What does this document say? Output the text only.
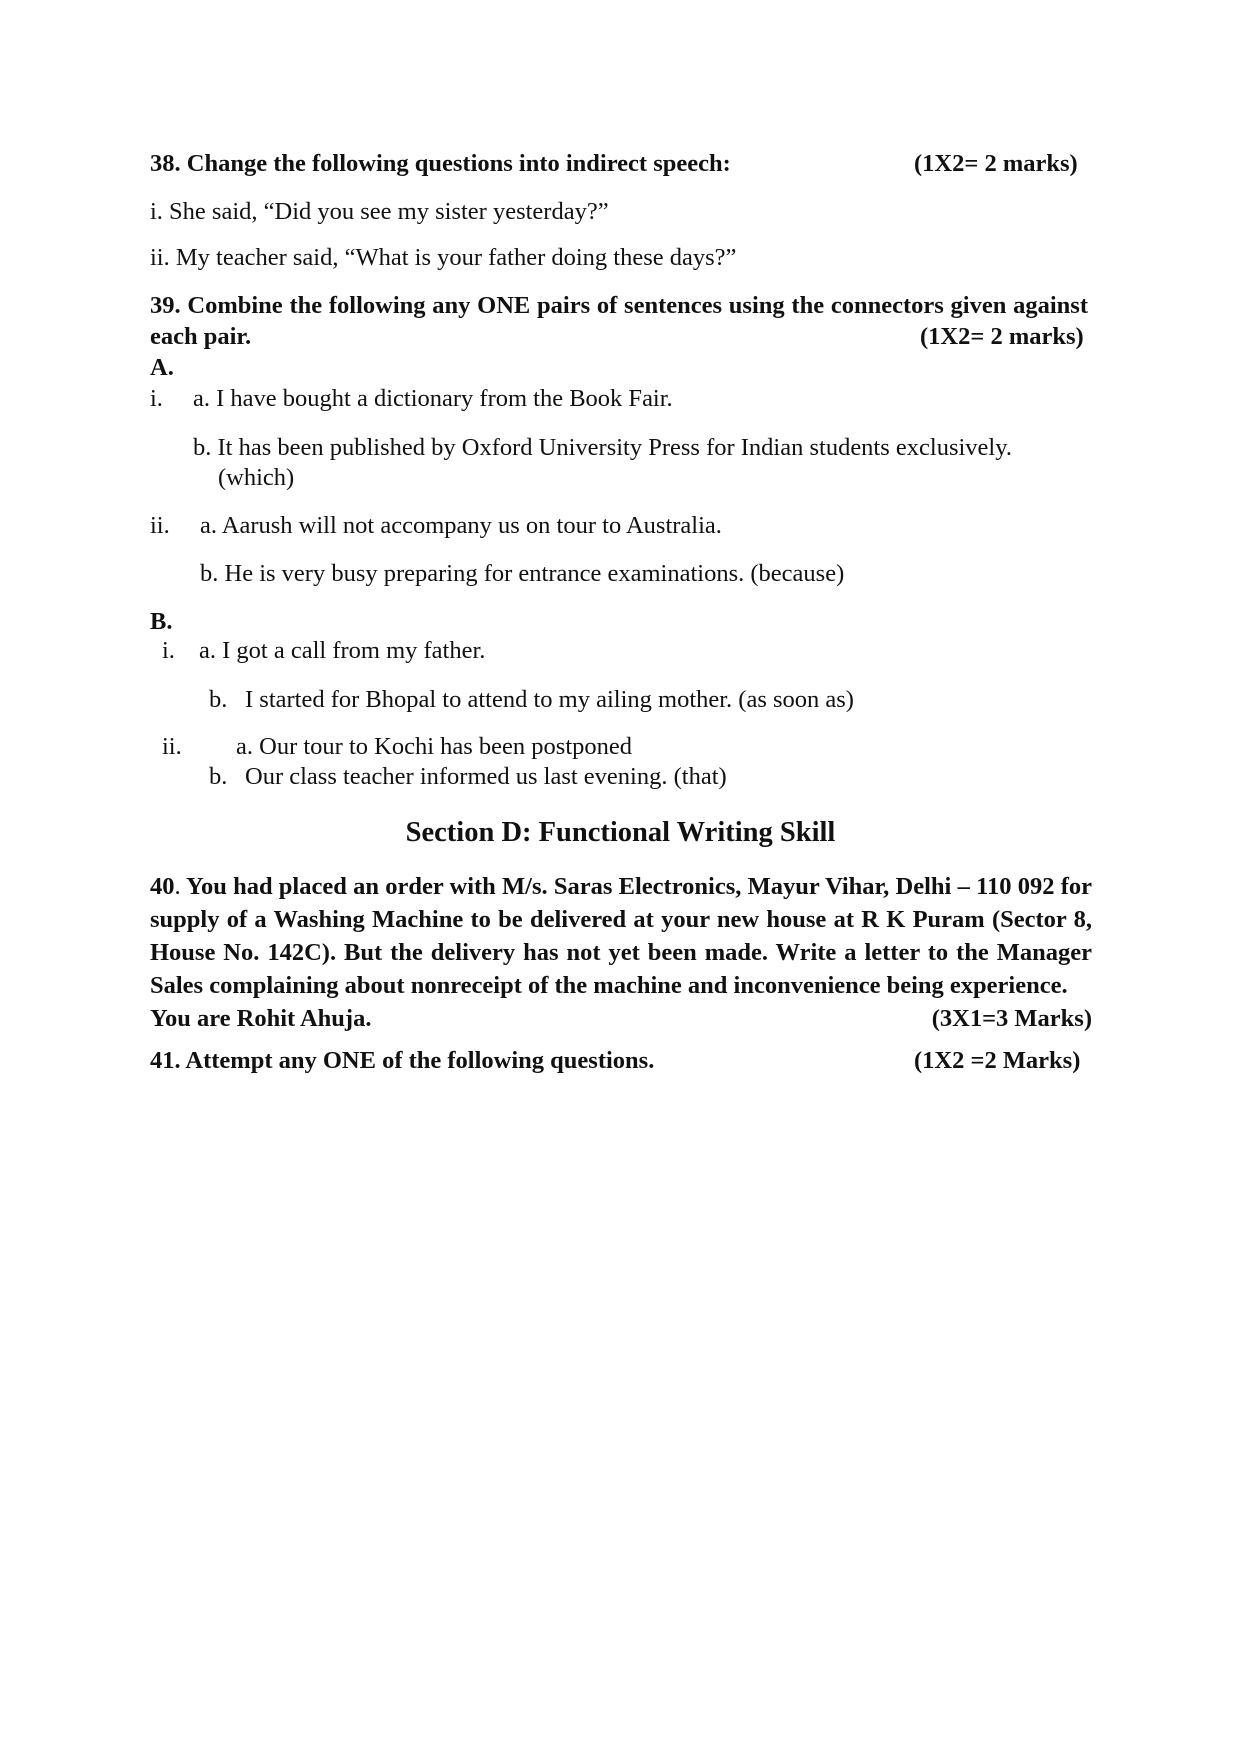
38. Change the following questions into indirect speech:	(1X2= 2 marks)
i. She said, “Did you see my sister yesterday?”
ii. My teacher said, “What is your father doing these days?”
39. Combine the following any ONE pairs of sentences using the connectors given against
each pair.	(1X2= 2 marks)
A.
i. a. I have bought a dictionary from the Book Fair.
b. It has been published by Oxford University Press for Indian students exclusively.
(which)
ii. a. Aarush will not accompany us on tour to Australia.
b. He is very busy preparing for entrance examinations. (because)
B.
i. a. I got a call from my father.
b. I started for Bhopal to attend to my ailing mother. (as soon as)
ii. a. Our tour to Kochi has been postponed
b. Our class teacher informed us last evening. (that)
Section D: Functional Writing Skill
40. You had placed an order with M/s. Saras Electronics, Mayur Vihar, Delhi – 110 092 for supply of a Washing Machine to be delivered at your new house at R K Puram (Sector 8, House No. 142C). But the delivery has not yet been made. Write a letter to the Manager Sales complaining about nonreceipt of the machine and inconvenience being experience.
You are Rohit Ahuja.	(3X1=3 Marks)
41. Attempt any ONE of the following questions.	(1X2 =2 Marks)
